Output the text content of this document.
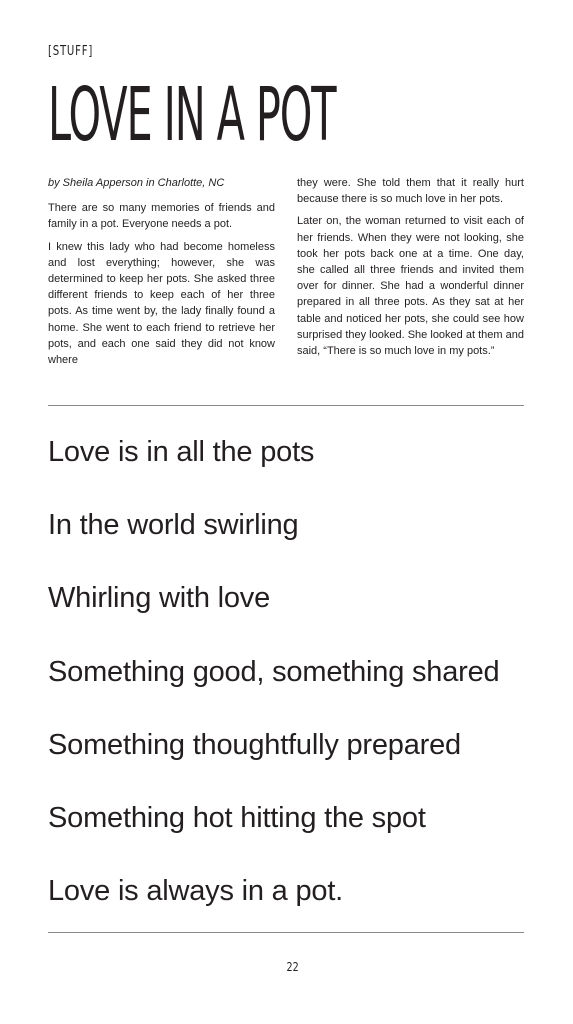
[STUFF]
LOVE IN A POT

by Sheila Apperson in Charlotte, NC

There are so many memories of friends and family in a pot. Everyone needs a pot.

I knew this lady who had become homeless and lost everything; however, she was determined to keep her pots. She asked three different friends to keep each of her three pots. As time went by, the lady finally found a home. She went to each friend to retrieve her pots, and each one said they did not know where

they were. She told them that it really hurt because there is so much love in her pots.

Later on, the woman returned to visit each of her friends. When they were not looking, she took her pots back one at a time. One day, she called all three friends and invited them over for dinner. She had a wonderful dinner prepared in all three pots. As they sat at her table and noticed her pots, she could see how surprised they looked. She looked at them and said, “There is so much love in my pots.”

Love is in all the pots
In the world swirling
Whirling with love
Something good, something shared
Something thoughtfully prepared
Something hot hitting the spot
Love is always in a pot.
22
